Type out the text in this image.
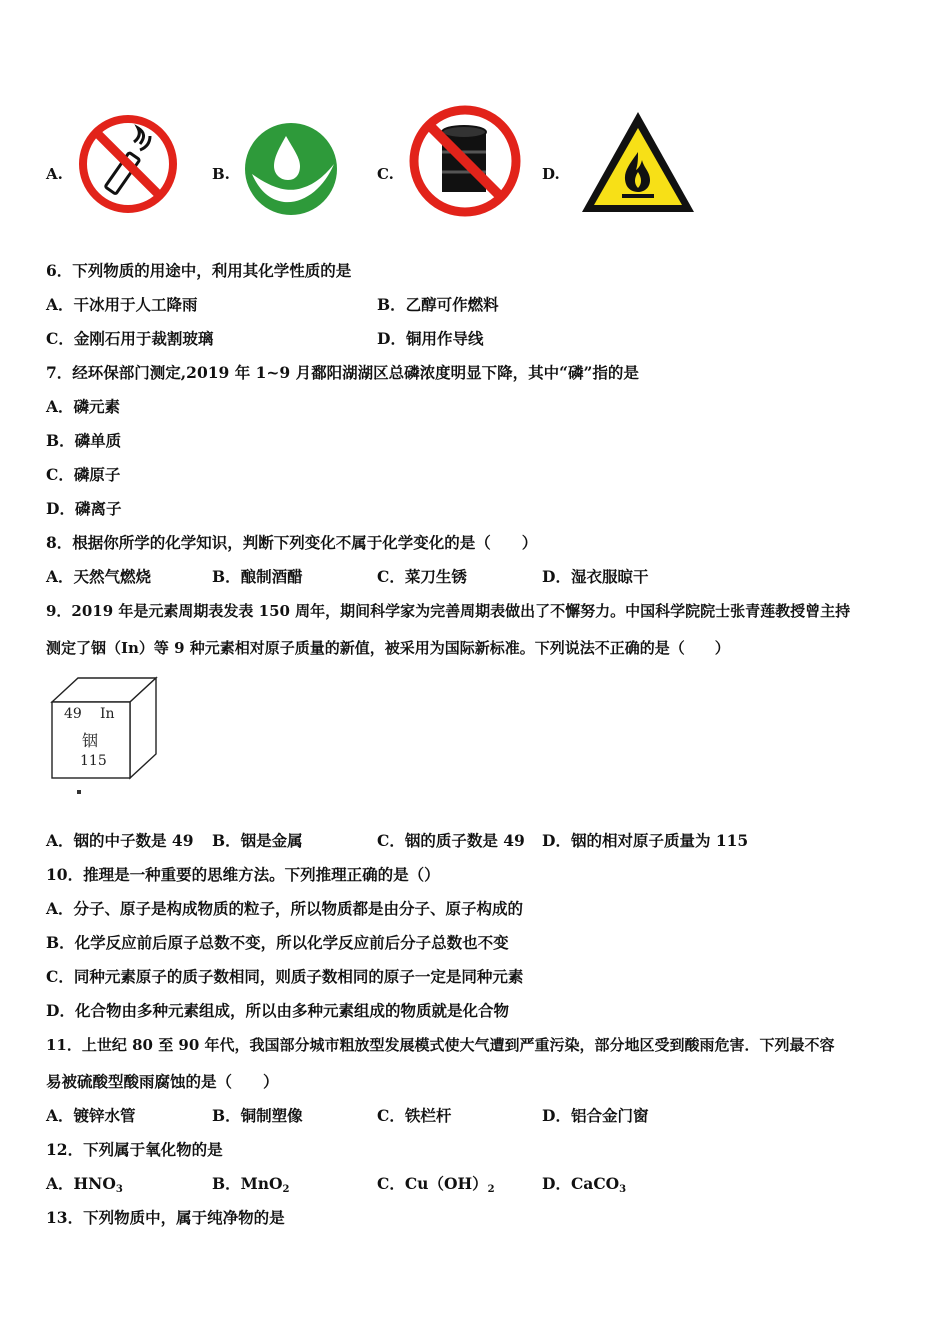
A.	B.	C.	D.
6．下列物质的用途中，利用其化学性质的是
A．干冰用于人工降雨	B．乙醇可作燃料
C．金刚石用于裁割玻璃	D．铜用作导线
7．经环保部门测定,2019 年 1~9 月鄱阳湖湖区总磷浓度明显下降，其中“磷”指的是
A．磷元素
B．磷单质
C．磷原子
D．磷离子
8．根据你所学的化学知识，判断下列变化不属于化学变化的是（　　）
A．天然气燃烧	B．酿制酒醋	C．菜刀生锈	D．湿衣服晾干
9．2019 年是元素周期表发表 150 周年，期间科学家为完善周期表做出了不懈努力。中国科学院院士张青莲教授曾主持
测定了铟（In）等 9 种元素相对原子质量的新值，被采用为国际新标准。下列说法不正确的是（　　）
49 In
铟
115
A．铟的中子数是 49 B．铟是金属	C．铟的质子数是 49 D．铟的相对原子质量为 115
10．推理是一种重要的思维方法。下列推理正确的是（）
A．分子、原子是构成物质的粒子，所以物质都是由分子、原子构成的
B．化学反应前后原子总数不变，所以化学反应前后分子总数也不变
C．同种元素原子的质子数相同，则质子数相同的原子一定是同种元素
D．化合物由多种元素组成，所以由多种元素组成的物质就是化合物
11．上世纪 80 至 90 年代，我国部分城市粗放型发展模式使大气遭到严重污染，部分地区受到酸雨危害．下列最不容
易被硫酸型酸雨腐蚀的是（　　）
A．镀锌水管	B．铜制塑像	C．铁栏杆	D．铝合金门窗
12．下列属于氧化物的是
A．$HNO_3$	B．MnO$_2$	C．$Cu(OH)_2$	D．CaCO$_3$
13．下列物质中，属于纯净物的是
